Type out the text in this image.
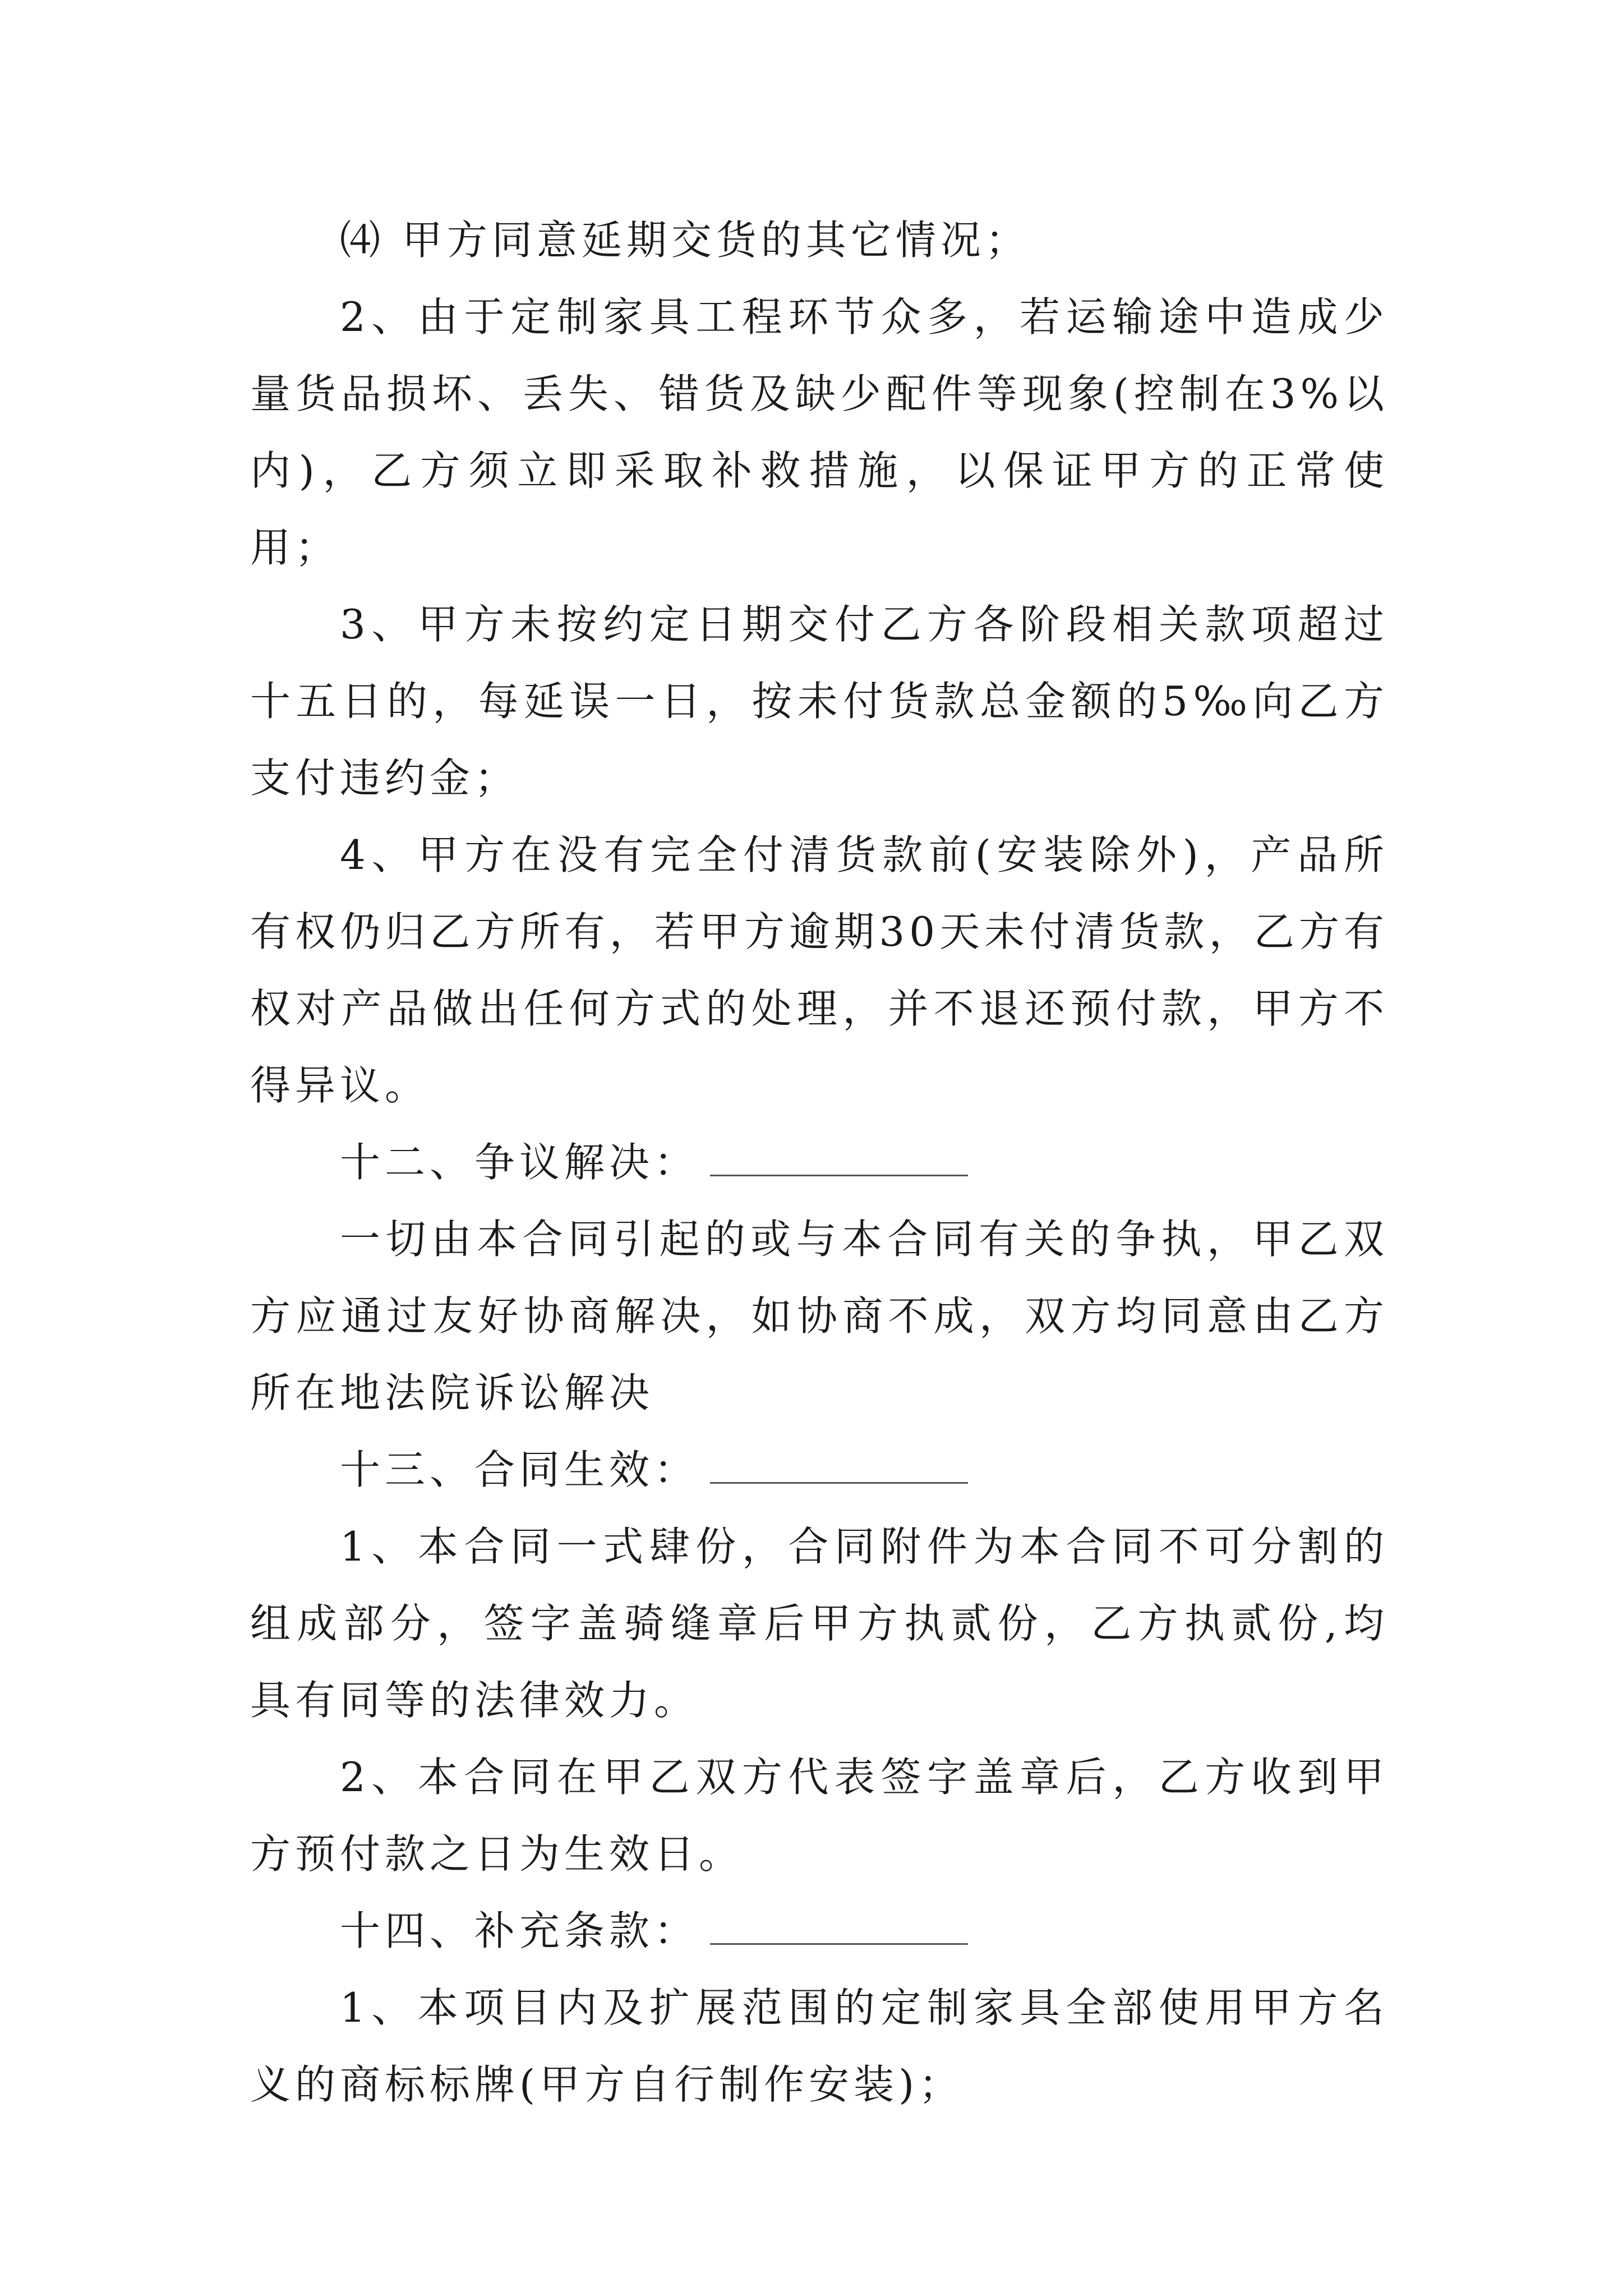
⑷ 甲方同意延期交货的其它情况；

2、由于定制家具工程环节众多，若运输途中造成少量货品损坏、丢失、错货及缺少配件等现象(控制在3%以内)，乙方须立即采取补救措施，以保证甲方的正常使用；

3、甲方未按约定日期交付乙方各阶段相关款项超过十五日的，每延误一日，按未付货款总金额的5‰向乙方支付违约金；

4、甲方在没有完全付清货款前(安装除外)，产品所有权仍归乙方所有，若甲方逾期30天未付清货款，乙方有权对产品做出任何方式的处理，并不退还预付款，甲方不得异议。

十二、争议解决：

一切由本合同引起的或与本合同有关的争执，甲乙双方应通过友好协商解决，如协商不成，双方均同意由乙方所在地法院诉讼解决

十三、合同生效：

1、本合同一式肆份，合同附件为本合同不可分割的组成部分，签字盖骑缝章后甲方执贰份，乙方执贰份,均具有同等的法律效力。

2、本合同在甲乙双方代表签字盖章后，乙方收到甲方预付款之日为生效日。

十四、补充条款：

1、本项目内及扩展范围的定制家具全部使用甲方名义的商标标牌(甲方自行制作安装)；
